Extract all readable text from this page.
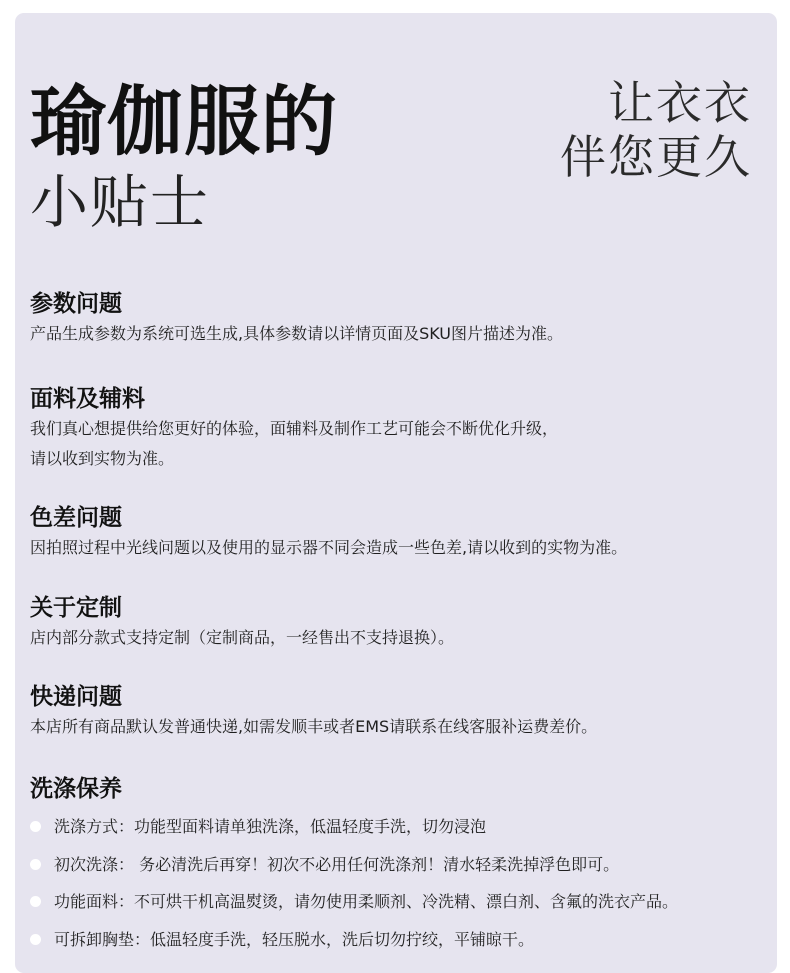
瑜伽服的
小贴士
让衣衣
伴您更久
参数问题

产品生成参数为系统可选生成,具体参数请以详情页面及SKU图片描述为准。

面料及辅料

我们真心想提供给您更好的体验，面辅料及制作工艺可能会不断优化升级，

请以收到实物为准。

色差问题

因拍照过程中光线问题以及使用的显示器不同会造成一些色差,请以收到的实物为准。

关于定制

店内部分款式支持定制（定制商品，一经售出不支持退换）。

快递问题

本店所有商品默认发普通快递,如需发顺丰或者EMS请联系在线客服补运费差价。

洗涤保养
洗涤方式：功能型面料请单独洗涤，低温轻度手洗，切勿浸泡
初次洗涤： 务必清洗后再穿！初次不必用任何洗涤剂！清水轻柔洗掉浮色即可。
功能面料：不可烘干机高温熨烫，请勿使用柔顺剂、冷洗精、漂白剂、含氟的洗衣产品。
可拆卸胸垫：低温轻度手洗，轻压脱水，洗后切勿拧绞，平铺晾干。
